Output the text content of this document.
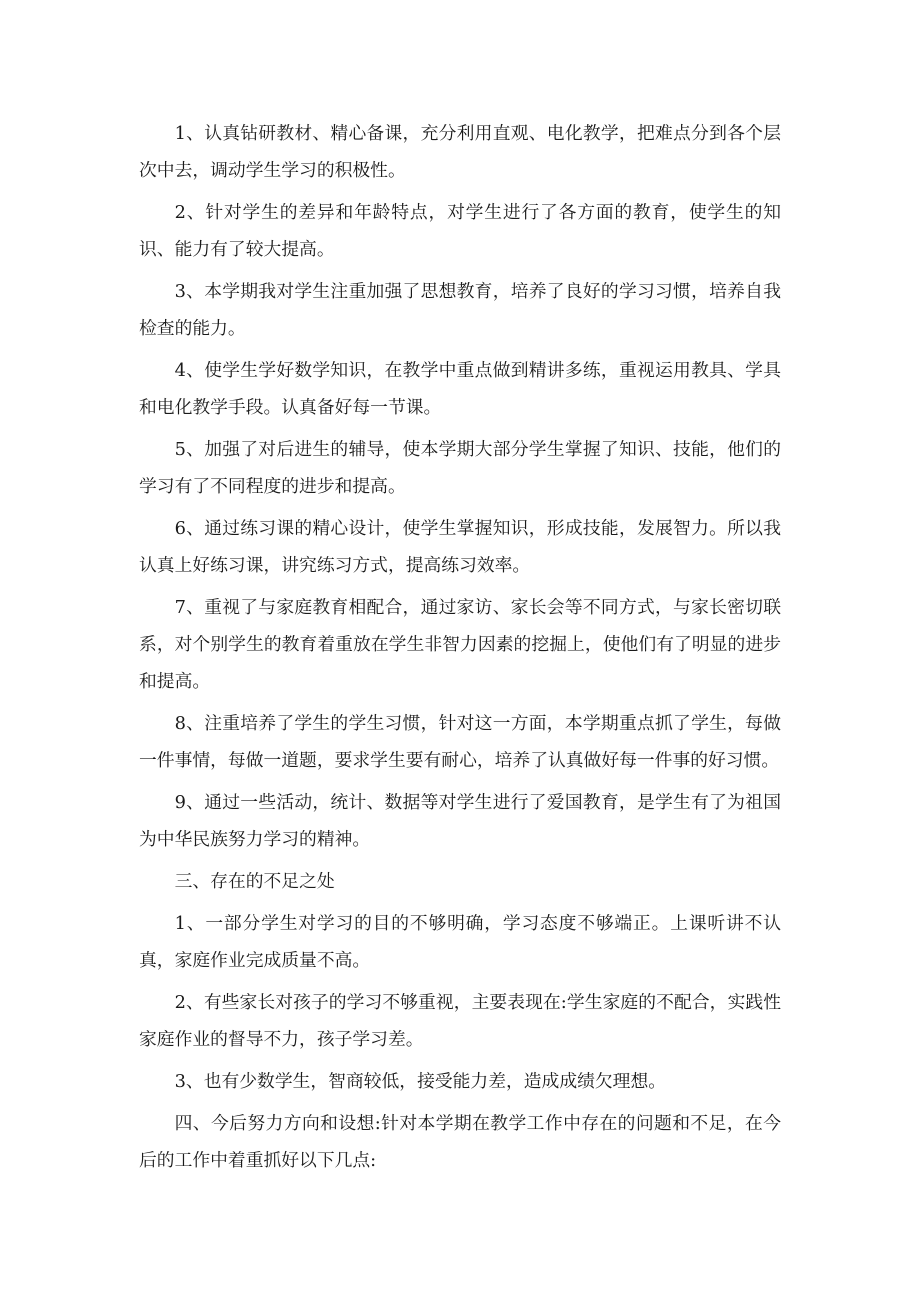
1、认真钻研教材、精心备课，充分利用直观、电化教学，把难点分到各个层次中去，调动学生学习的积极性。

2、针对学生的差异和年龄特点，对学生进行了各方面的教育，使学生的知识、能力有了较大提高。

3、本学期我对学生注重加强了思想教育，培养了良好的学习习惯，培养自我检查的能力。

4、使学生学好数学知识，在教学中重点做到精讲多练，重视运用教具、学具和电化教学手段。认真备好每一节课。

5、加强了对后进生的辅导，使本学期大部分学生掌握了知识、技能，他们的学习有了不同程度的进步和提高。

6、通过练习课的精心设计，使学生掌握知识，形成技能，发展智力。所以我认真上好练习课，讲究练习方式，提高练习效率。

7、重视了与家庭教育相配合，通过家访、家长会等不同方式，与家长密切联系，对个别学生的教育着重放在学生非智力因素的挖掘上，使他们有了明显的进步和提高。

8、注重培养了学生的学生习惯，针对这一方面，本学期重点抓了学生，每做一件事情，每做一道题，要求学生要有耐心，培养了认真做好每一件事的好习惯。

9、通过一些活动，统计、数据等对学生进行了爱国教育，是学生有了为祖国为中华民族努力学习的精神。

三、存在的不足之处

1、一部分学生对学习的目的不够明确，学习态度不够端正。上课听讲不认真，家庭作业完成质量不高。

2、有些家长对孩子的学习不够重视，主要表现在:学生家庭的不配合，实践性家庭作业的督导不力，孩子学习差。

3、也有少数学生，智商较低，接受能力差，造成成绩欠理想。

四、今后努力方向和设想:针对本学期在教学工作中存在的问题和不足，在今后的工作中着重抓好以下几点:
